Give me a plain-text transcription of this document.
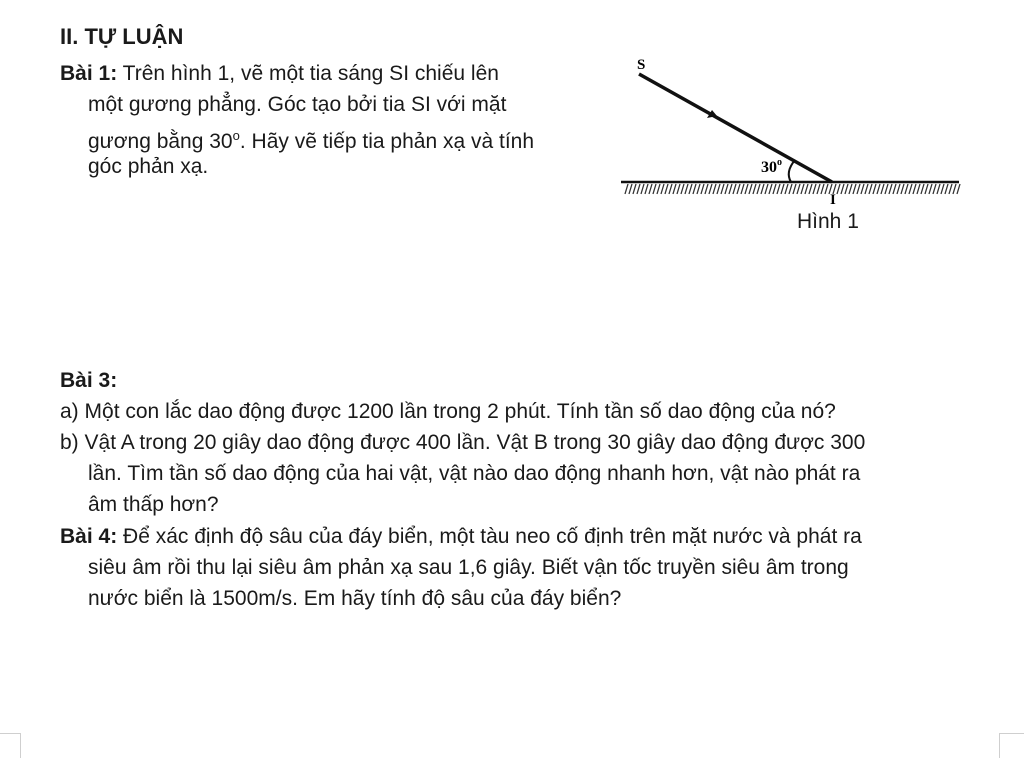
II. TỰ LUẬN
Bài 1: Trên hình 1, vẽ một tia sáng SI chiếu lên
một gương phẳng. Góc tạo bởi tia SI với mặt
gương bằng 30$^o$. Hãy vẽ tiếp tia phản xạ và tính
góc phản xạ.
S
30$^o$
I
Hình 1
Bài 3:
a) Một con lắc dao động được 1200 lần trong 2 phút. Tính tần số dao động của nó?
b) Vật A trong 20 giây dao động được 400 lần. Vật B trong 30 giây dao động được 300
lần. Tìm tần số dao động của hai vật, vật nào dao động nhanh hơn, vật nào phát ra
âm thấp hơn?
Bài 4: Để xác định độ sâu của đáy biển, một tàu neo cố định trên mặt nước và phát ra
siêu âm rồi thu lại siêu âm phản xạ sau 1,6 giây. Biết vận tốc truyền siêu âm trong
nước biển là 1500m/s. Em hãy tính độ sâu của đáy biển?
